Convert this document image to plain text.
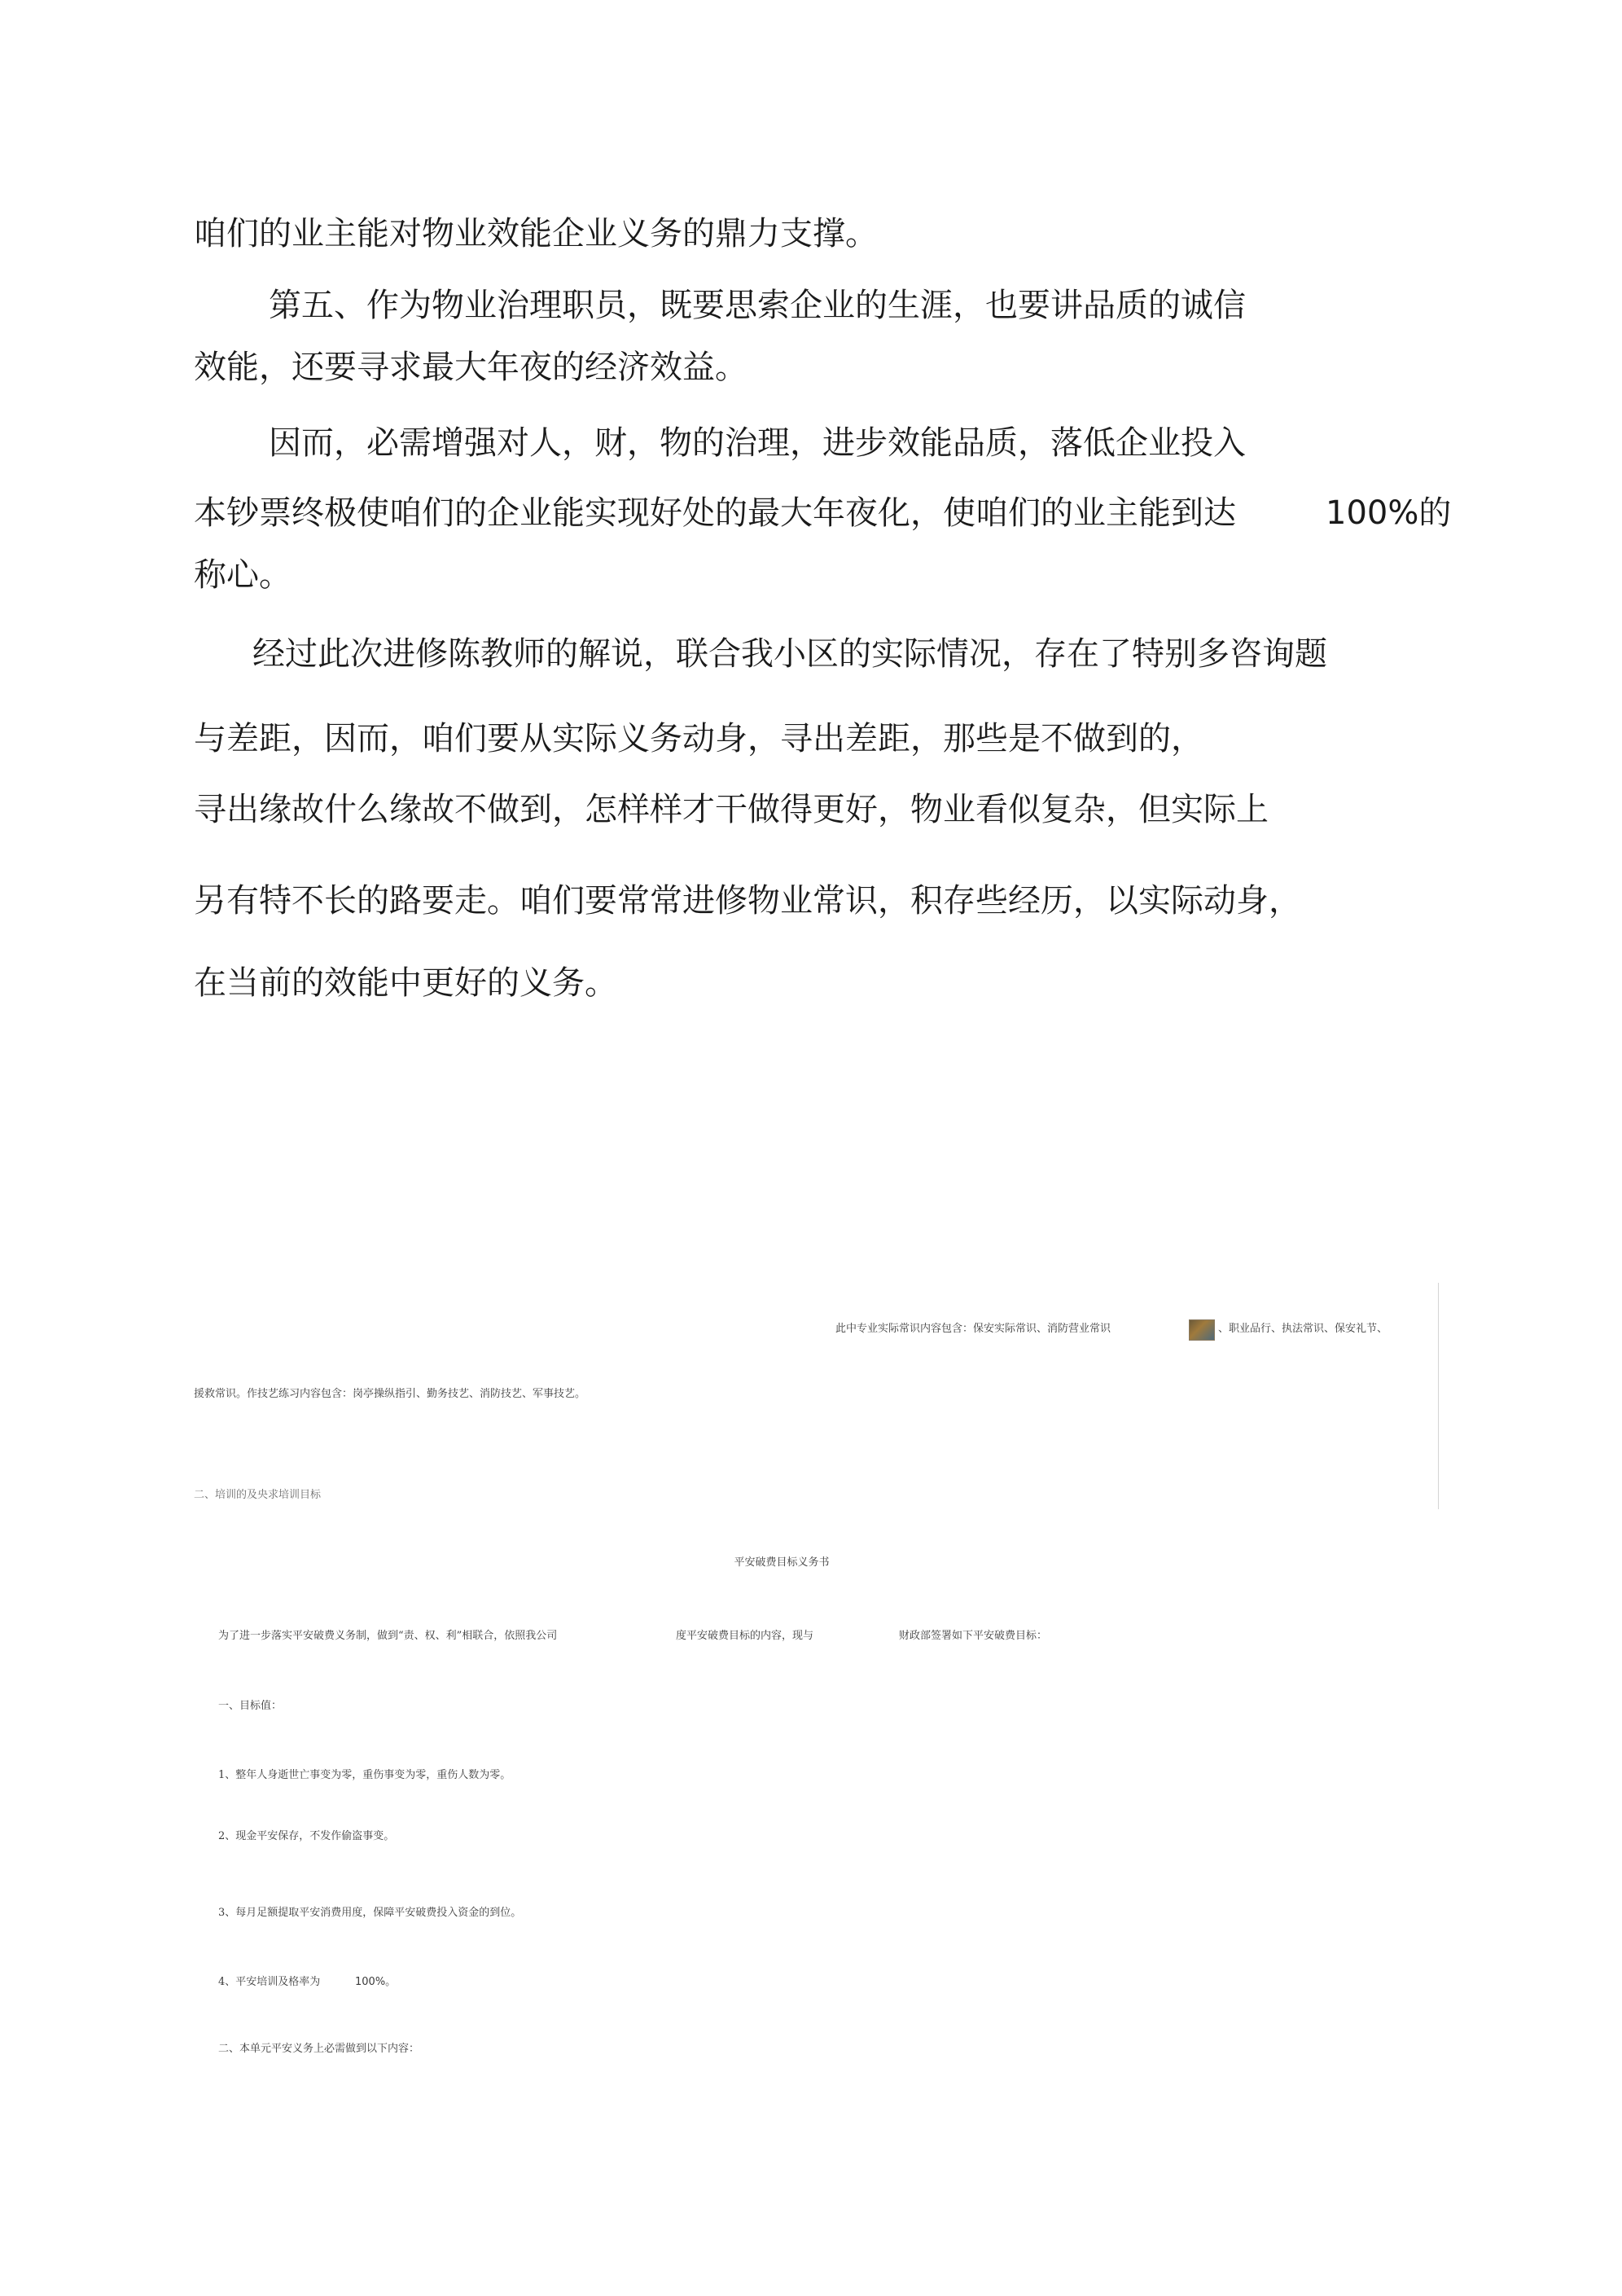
咱们的业主能对物业效能企业义务的鼎力支撑。
第五、作为物业治理职员，既要思索企业的生涯，也要讲品质的诚信
效能，还要寻求最大年夜的经济效益。
因而，必需增强对人，财，物的治理，进步效能品质，落低企业投入
本钞票终极使咱们的企业能实现好处的最大年夜化，使咱们的业主能到达	100%的
称心。
经过此次进修陈教师的解说，联合我小区的实际情况，存在了特别多咨询题
与差距，因而，咱们要从实际义务动身，寻出差距，那些是不做到的，
寻出缘故什么缘故不做到，怎样样才干做得更好，物业看似复杂，但实际上
另有特不长的路要走。咱们要常常进修物业常识，积存些经历，以实际动身，
在当前的效能中更好的义务。
此中专业实际常识内容包含：保安实际常识、消防营业常识	、职业品行、执法常识、保安礼节、
援救常识。作技艺练习内容包含：岗亭操纵指引、勤务技艺、消防技艺、军事技艺。
二、培训的及央求培训目标
平安破费目标义务书
为了进一步落实平安破费义务制，做到“责、权、利”相联合，依照我公司	度平安破费目标的内容，现与	财政部签署如下平安破费目标：
一、目标值：
1、整年人身逝世亡事变为零，重伤事变为零，重伤人数为零。
2、现金平安保存，不发作偷盗事变。
3、每月足额提取平安消费用度，保障平安破费投入资金的到位。
4、平安培训及格率为	100%。
二、本单元平安义务上必需做到以下内容：
